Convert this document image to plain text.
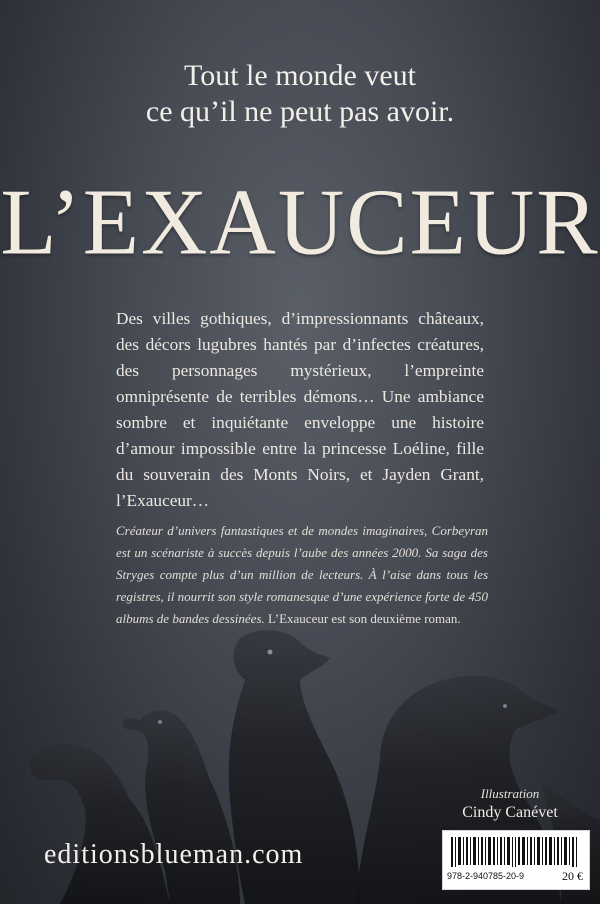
Tout le monde veut
ce qu’il ne peut pas avoir.
L’EXAUCEUR
Des villes gothiques, d’impressionnants châteaux, des décors lugubres hantés par d’infectes créatures, des personnages mystérieux, l’empreinte omniprésente de terribles démons… Une ambiance sombre et inquiétante enveloppe une histoire d’amour impossible entre la princesse Loéline, fille du souverain des Monts Noirs, et Jayden Grant, l’Exauceur…
Créateur d’univers fantastiques et de mondes imaginaires, Corbeyran est un scénariste à succès depuis l’aube des années 2000. Sa saga des Stryges compte plus d’un million de lecteurs. À l’aise dans tous les registres, il nourrit son style romanesque d’une expérience forte de 450 albums de bandes dessinées. L’Exauceur est son deuxième roman.
Illustration
Cindy Canévet
editionsblueman.com
978-2-940785-20-9	20 €
